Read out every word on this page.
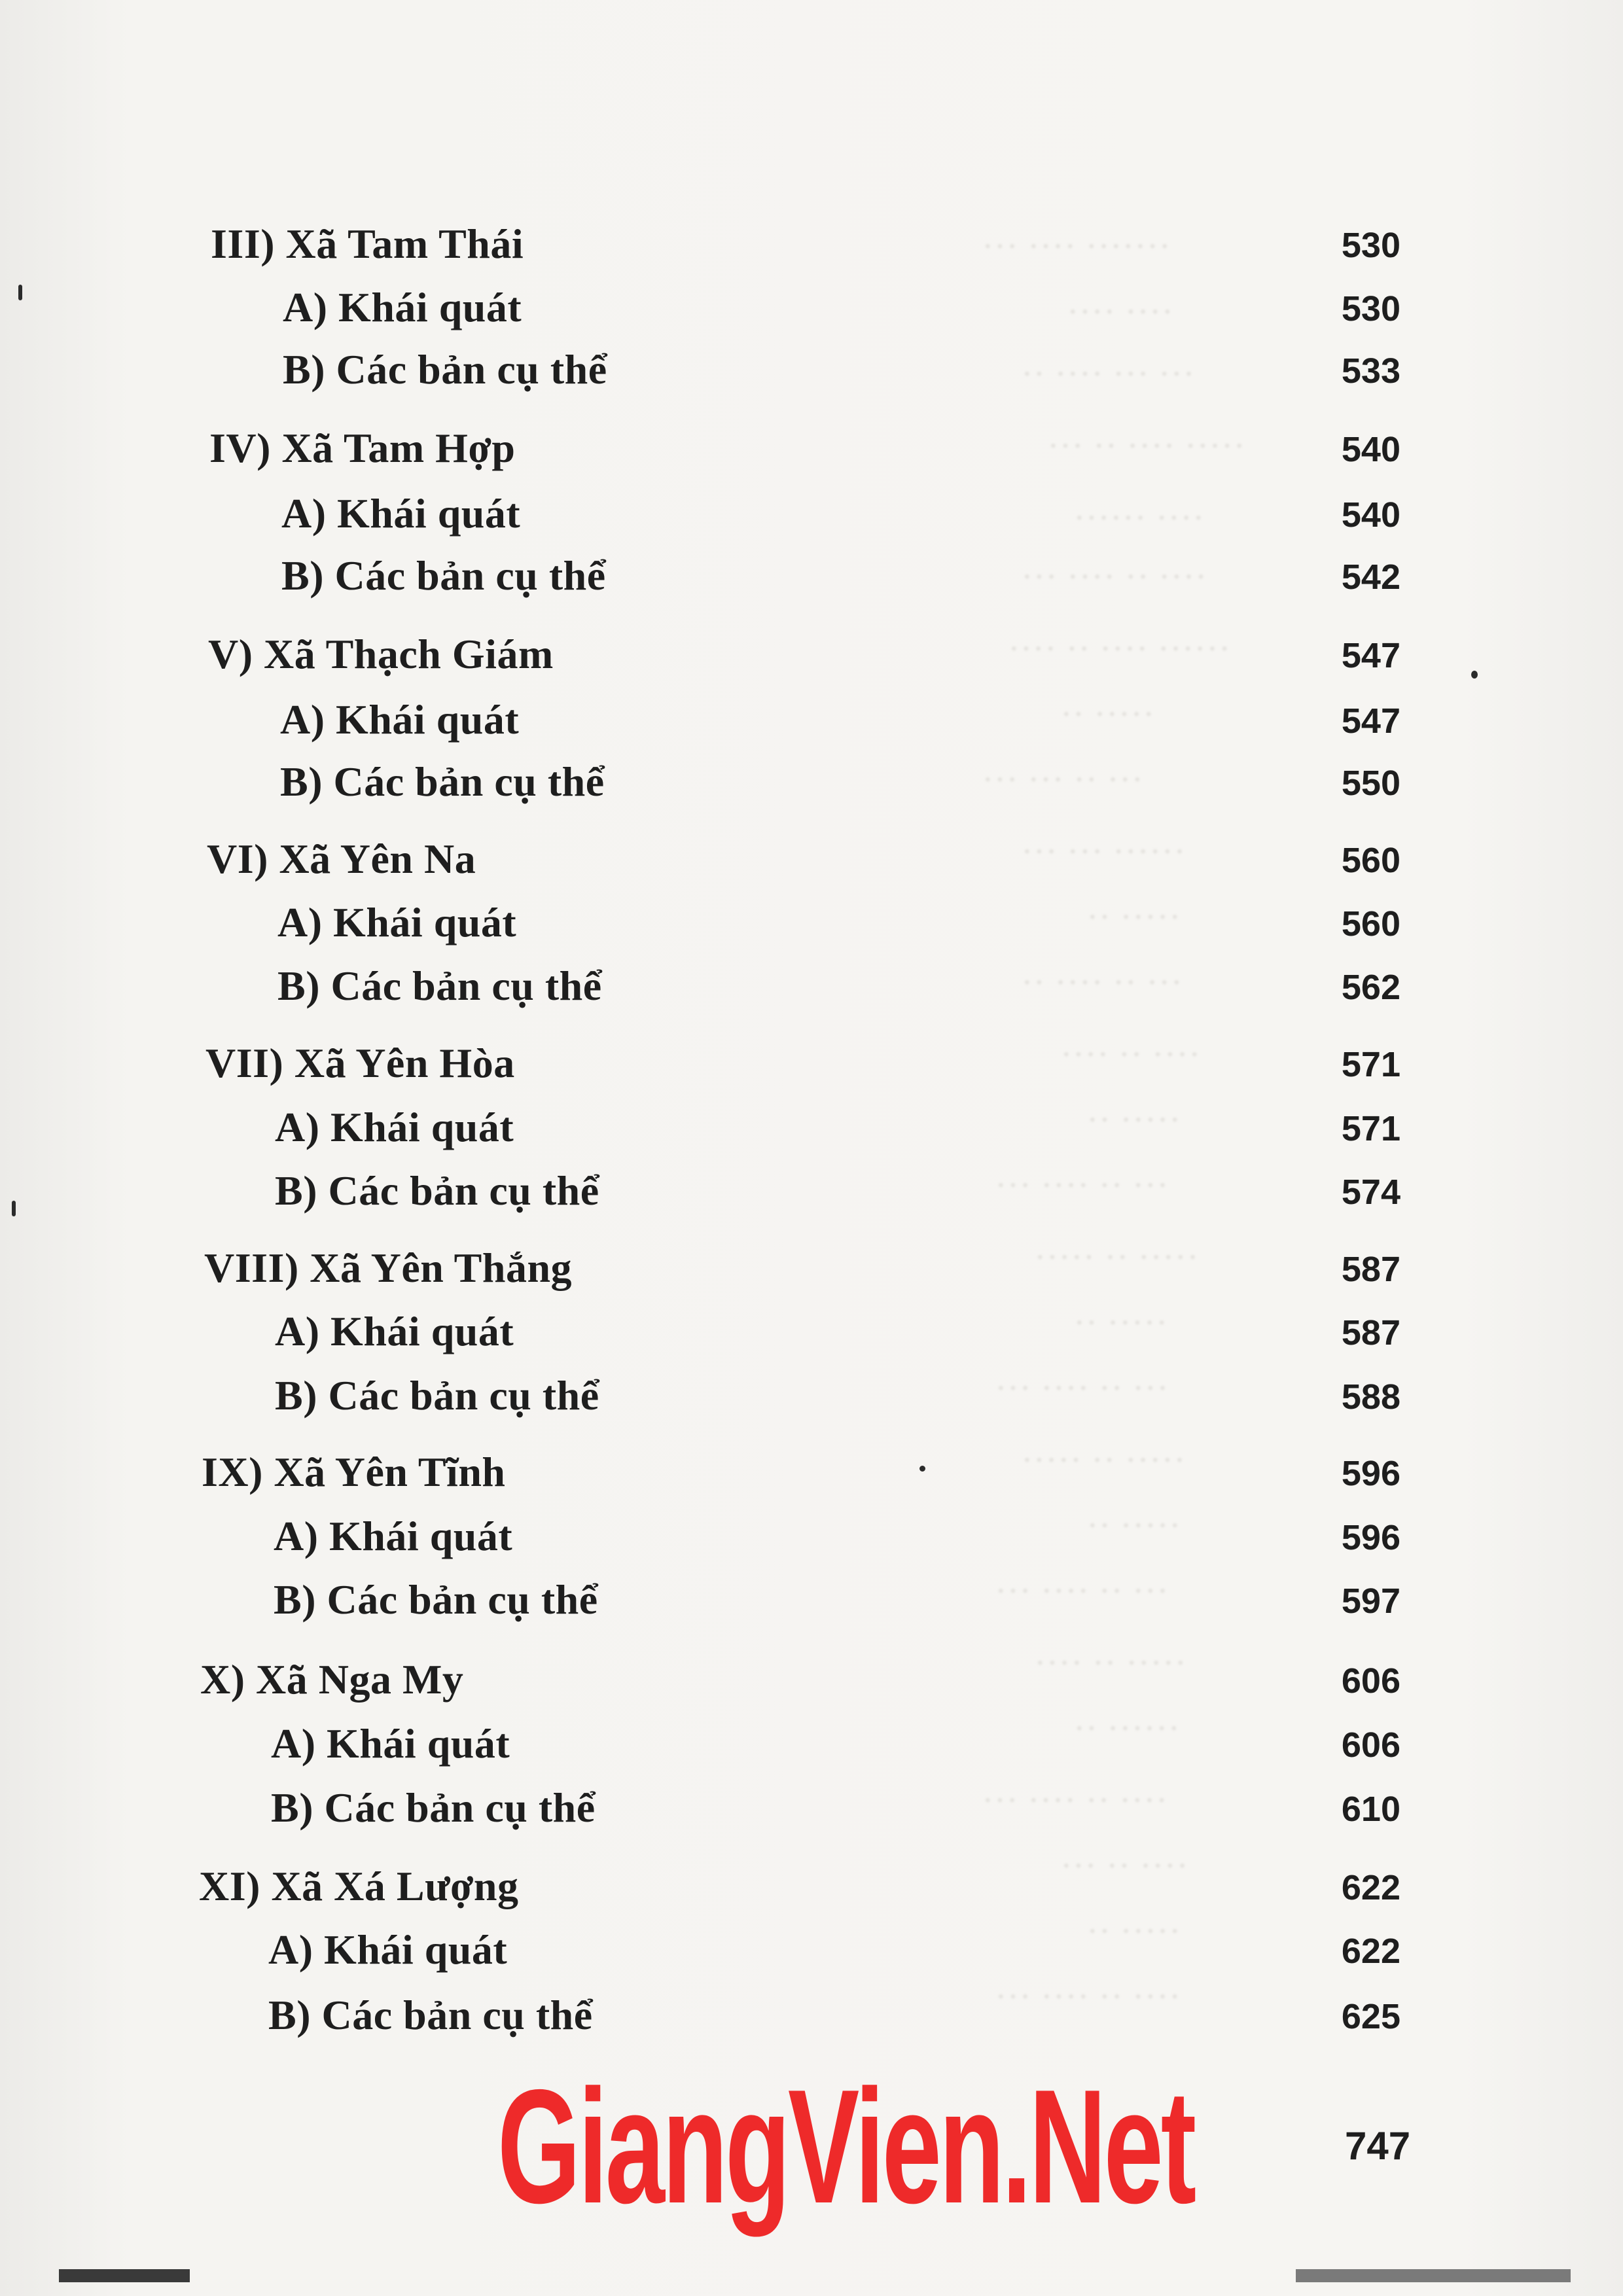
··· ···· ·······
···· ····
·· ···· ··· ···
··· ·· ···· ·····
······ ····
··· ···· ·· ····
···· ·· ···· ······
·· ·····
··· ··· ·· ···
··· ··· ······
·· ·····
·· ···· ·· ···
···· ·· ····
·· ·····
··· ···· ·· ···
····· ·· ·····
·· ·····
··· ···· ·· ···
····· ·· ·····
·· ·····
··· ···· ·· ···
···· ·· ·····
·· ······
··· ···· ·· ····
··· ·· ····
·· ·····
··· ···· ·· ····
III) Xã Tam Thái	530
A) Khái quát	530
B) Các bản cụ thể	533
IV) Xã Tam Hợp	540
A) Khái quát	540
B) Các bản cụ thể	542
V) Xã Thạch Giám	547
A) Khái quát	547
B) Các bản cụ thể	550
VI) Xã Yên Na	560
A) Khái quát	560
B) Các bản cụ thể	562
VII) Xã Yên Hòa	571
A) Khái quát	571
B) Các bản cụ thể	574
VIII) Xã Yên Thắng	587
A) Khái quát	587
B) Các bản cụ thể	588
IX) Xã Yên Tĩnh	596
A) Khái quát	596
B) Các bản cụ thể	597
X) Xã Nga My	606
A) Khái quát	606
B) Các bản cụ thể	610
XI) Xã Xá Lượng	622
A) Khái quát	622
B) Các bản cụ thể	625
GiangVien.Net	747
